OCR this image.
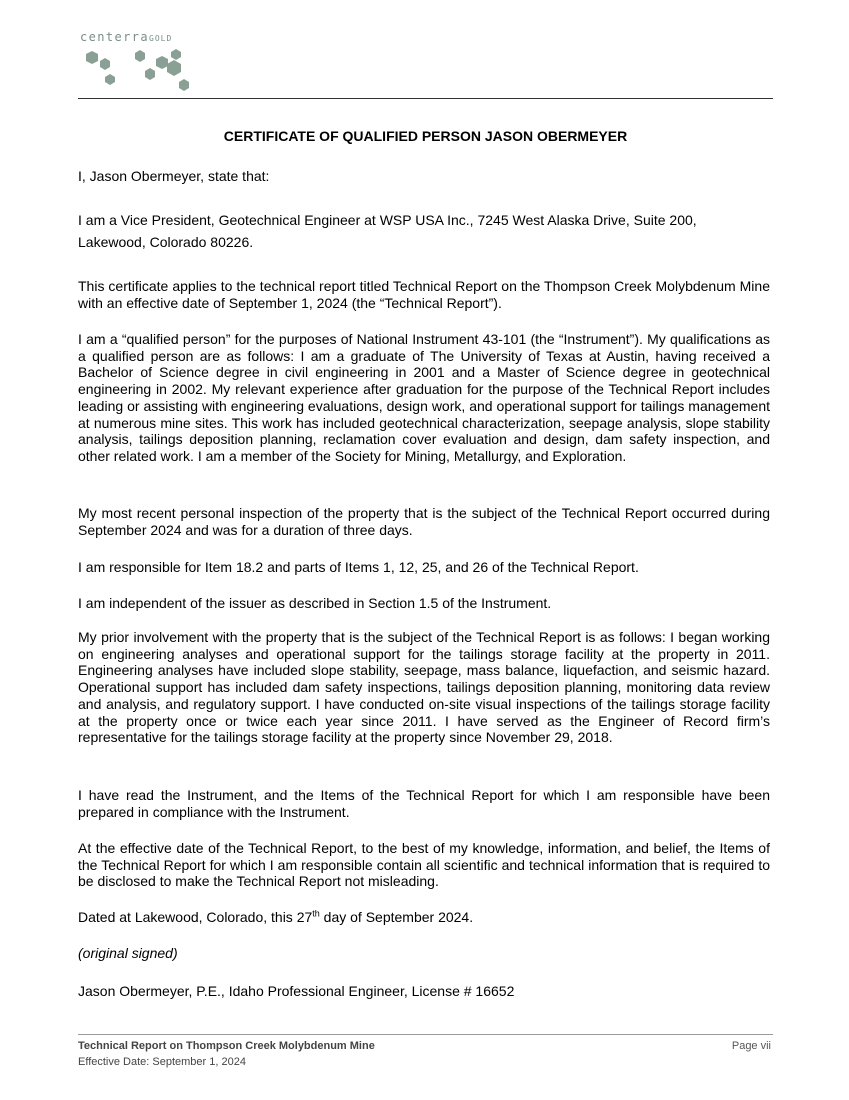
centerraGOLD
CERTIFICATE OF QUALIFIED PERSON JASON OBERMEYER
I, Jason Obermeyer, state that:
I am a Vice President, Geotechnical Engineer at WSP USA Inc., 7245 West Alaska Drive, Suite 200, Lakewood, Colorado 80226.
This certificate applies to the technical report titled Technical Report on the Thompson Creek Molybdenum Mine with an effective date of September 1, 2024 (the “Technical Report”).
I am a “qualified person” for the purposes of National Instrument 43-101 (the “Instrument”). My qualifications as a qualified person are as follows: I am a graduate of The University of Texas at Austin, having received a Bachelor of Science degree in civil engineering in 2001 and a Master of Science degree in geotechnical engineering in 2002. My relevant experience after graduation for the purpose of the Technical Report includes leading or assisting with engineering evaluations, design work, and operational support for tailings management at numerous mine sites. This work has included geotechnical characterization, seepage analysis, slope stability analysis, tailings deposition planning, reclamation cover evaluation and design, dam safety inspection, and other related work. I am a member of the Society for Mining, Metallurgy, and Exploration.
My most recent personal inspection of the property that is the subject of the Technical Report occurred during September 2024 and was for a duration of three days.
I am responsible for Item 18.2 and parts of Items 1, 12, 25, and 26 of the Technical Report.
I am independent of the issuer as described in Section 1.5 of the Instrument.
My prior involvement with the property that is the subject of the Technical Report is as follows: I began working on engineering analyses and operational support for the tailings storage facility at the property in 2011. Engineering analyses have included slope stability, seepage, mass balance, liquefaction, and seismic hazard. Operational support has included dam safety inspections, tailings deposition planning, monitoring data review and analysis, and regulatory support. I have conducted on-site visual inspections of the tailings storage facility at the property once or twice each year since 2011. I have served as the Engineer of Record firm’s representative for the tailings storage facility at the property since November 29, 2018.
I have read the Instrument, and the Items of the Technical Report for which I am responsible have been prepared in compliance with the Instrument.
At the effective date of the Technical Report, to the best of my knowledge, information, and belief, the Items of the Technical Report for which I am responsible contain all scientific and technical information that is required to be disclosed to make the Technical Report not misleading.
Dated at Lakewood, Colorado, this 27th day of September 2024.
(original signed)
Jason Obermeyer, P.E., Idaho Professional Engineer, License # 16652
Technical Report on Thompson Creek Molybdenum Mine
Effective Date: September 1, 2024
Page vii
